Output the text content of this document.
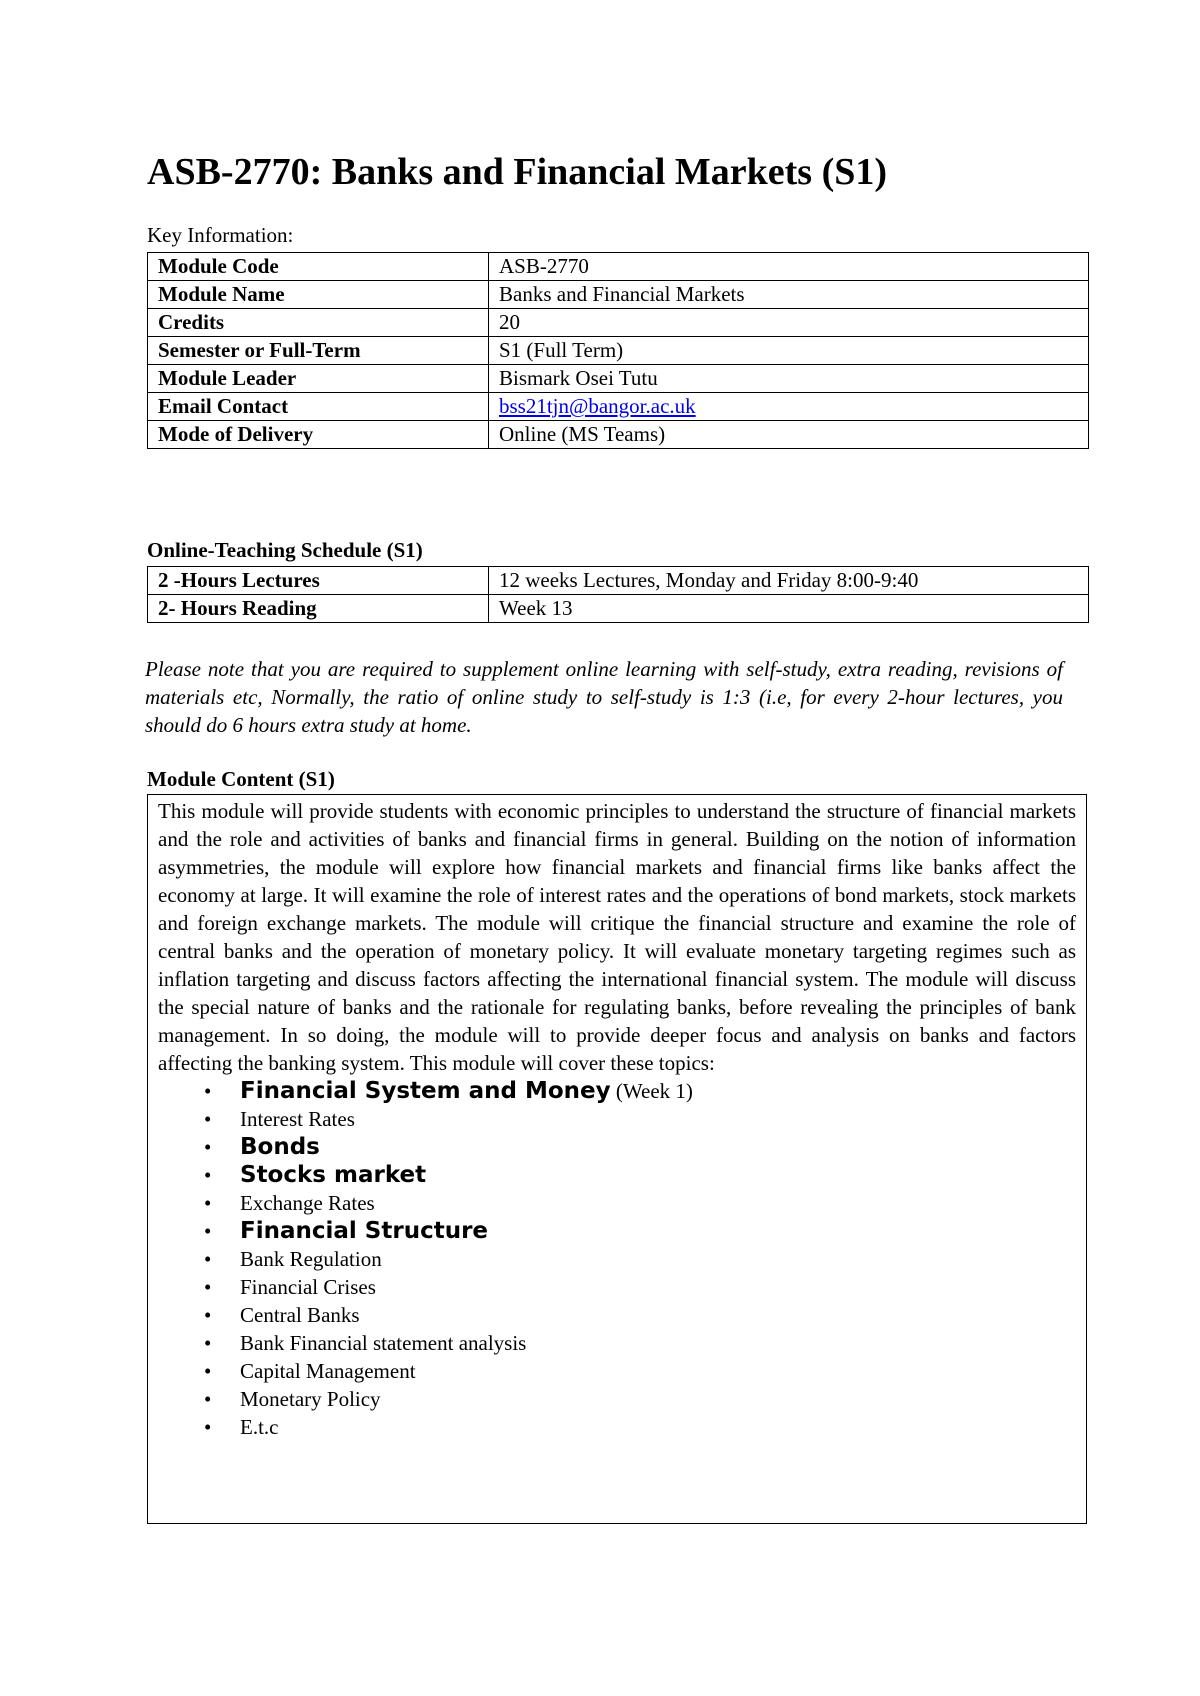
ASB-2770: Banks and Financial Markets (S1)
Key Information:
Module Code	ASB-2770
Module Name	Banks and Financial Markets
Credits	20
Semester or Full-Term	S1 (Full Term)
Module Leader	Bismark Osei Tutu
Email Contact	bss21tjn@bangor.ac.uk
Mode of Delivery	Online (MS Teams)
Online-Teaching Schedule (S1)
2 -Hours Lectures	12 weeks Lectures, Monday and Friday 8:00-9:40
2- Hours Reading	Week 13

Please note that you are required to supplement online learning with self-study, extra reading, revisions of materials etc, Normally, the ratio of online study to self-study is 1:3 (i.e, for every 2-hour lectures, you should do 6 hours extra study at home.

Module Content (S1)

This module will provide students with economic principles to understand the structure of financial markets and the role and activities of banks and financial firms in general. Building on the notion of information asymmetries, the module will explore how financial markets and financial firms like banks affect the economy at large. It will examine the role of interest rates and the operations of bond markets, stock markets and foreign exchange markets. The module will critique the financial structure and examine the role of central banks and the operation of monetary policy. It will evaluate monetary targeting regimes such as inflation targeting and discuss factors affecting the international financial system. The module will discuss the special nature of banks and the rationale for regulating banks, before revealing the principles of bank management. In so doing, the module will to provide deeper focus and analysis on banks and factors affecting the banking system. This module will cover these topics:

• Financial System and Money (Week 1)
• Interest Rates
• Bonds
• Stocks market
• Exchange Rates
• Financial Structure
• Bank Regulation
• Financial Crises
• Central Banks
• Bank Financial statement analysis
• Capital Management
• Monetary Policy
• E.t.c
